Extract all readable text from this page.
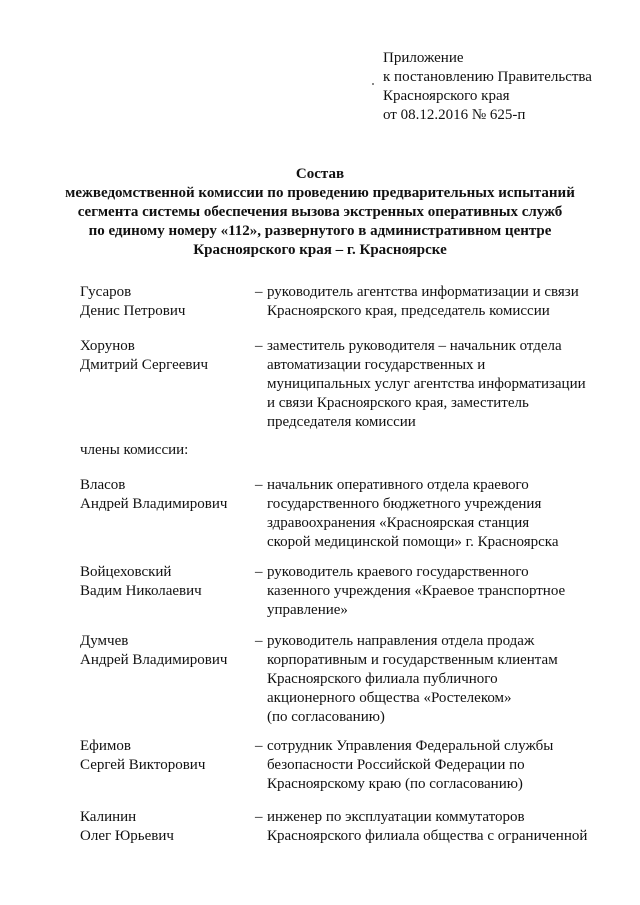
Приложение
к постановлению Правительства
Красноярского края
от 08.12.2016 № 625-п
Состав
межведомственной комиссии по проведению предварительных испытаний
сегмента системы обеспечения вызова экстренных оперативных служб
по единому номеру «112», развернутого в административном центре
Красноярского края – г. Красноярске
Гусаров
Денис Петрович
– руководитель агентства информатизации и связи
Красноярского края, председатель комиссии
Хорунов
Дмитрий Сергеевич
– заместитель руководителя – начальник отдела
автоматизации государственных и
муниципальных услуг агентства информатизации
и связи Красноярского края, заместитель
председателя комиссии
члены комиссии:
Власов
Андрей Владимирович
– начальник оперативного отдела краевого
государственного бюджетного учреждения
здравоохранения «Красноярская станция
скорой медицинской помощи» г. Красноярска
Войцеховский
Вадим Николаевич
– руководитель краевого государственного
казенного учреждения «Краевое транспортное
управление»
Думчев
Андрей Владимирович
– руководитель направления отдела продаж
корпоративным и государственным клиентам
Красноярского филиала публичного
акционерного общества «Ростелеком»
(по согласованию)
Ефимов
Сергей Викторович
– сотрудник Управления Федеральной службы
безопасности Российской Федерации по
Красноярскому краю (по согласованию)
Калинин
Олег Юрьевич
– инженер по эксплуатации коммутаторов
Красноярского филиала общества с ограниченной
